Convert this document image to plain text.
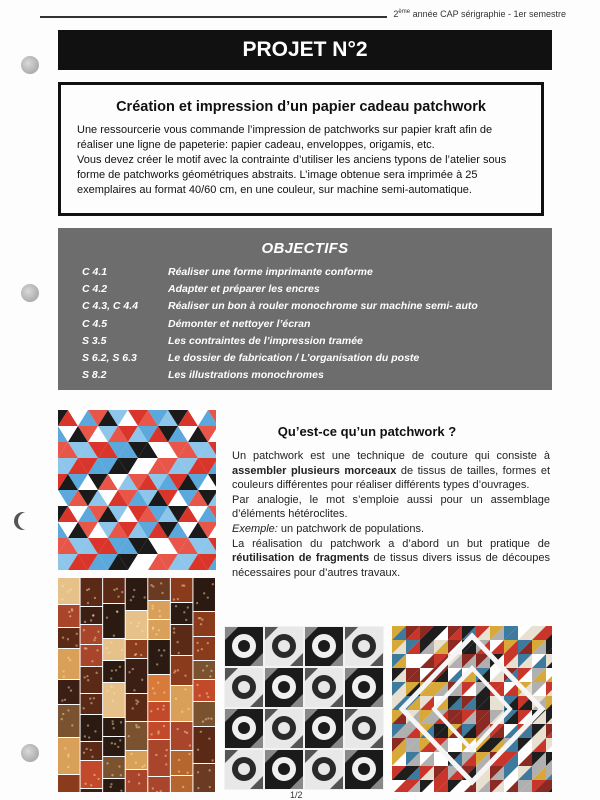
2ème année CAP sérigraphie - 1er semestre
PROJET N°2
Création et impression d’un papier cadeau patchwork

Une ressourcerie vous commande l’impression de patchworks sur papier kraft afin de réaliser une ligne de papeterie: papier cadeau, enveloppes, origamis, etc.

Vous devez créer le motif avec la contrainte d’utiliser les anciens typons de l’atelier sous forme de patchworks géométriques abstraits. L’image obtenue sera imprimée à 25 exemplaires au format 40/60 cm, en une couleur, sur machine semi-automatique.

OBJECTIFS
C 4.1	Réaliser une forme imprimante conforme
C 4.2	Adapter et préparer les encres
C 4.3, C 4.4	Réaliser un bon à rouler monochrome sur machine semi- auto
C 4.5	Démonter et nettoyer l’écran
S 3.5	Les contraintes de l’impression tramée
S 6.2, S 6.3	Le dossier de fabrication / L’organisation du poste
S 8.2	Les illustrations monochromes
Qu’est-ce qu’un patchwork ?

Un patchwork est une technique de couture qui consiste à assembler plusieurs morceaux de tissus de tailles, formes et couleurs différentes pour réaliser différents types d’ouvrages.

Par analogie, le mot s’emploie aussi pour un assemblage d’éléments hétéroclites.

Exemple: un patchwork de populations.

La réalisation du patchwork a d’abord un but pratique de réutilisation de fragments de tissus divers issus de découpes nécessaires pour d’autres travaux.

1/2
